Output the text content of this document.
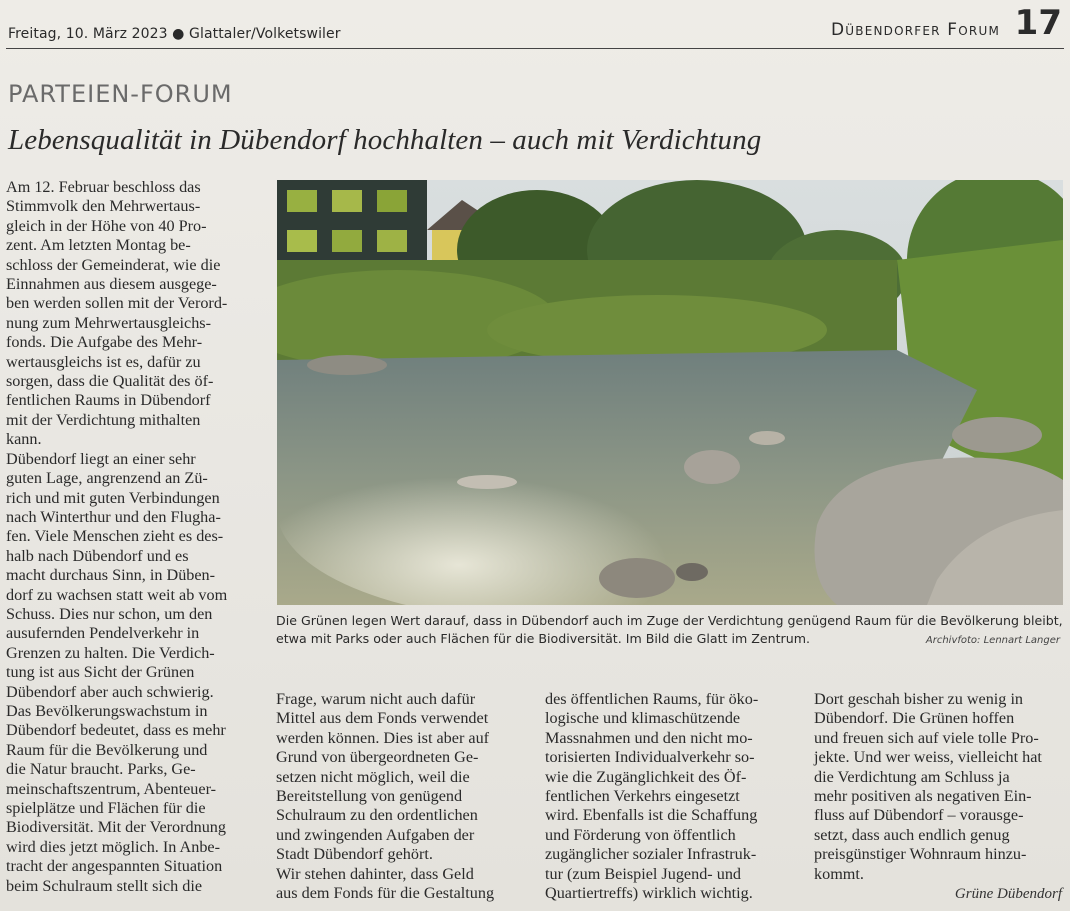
Freitag, 10. März 2023 ● Glattaler/Volketswiler	Dübendorfer Forum 17
PARTEIEN-FORUM
Lebensqualität in Dübendorf hochhalten – auch mit Verdichtung
Am 12. Februar beschloss das
Stimmvolk den Mehrwertaus-
gleich in der Höhe von 40 Pro-
zent. Am letzten Montag be-
schloss der Gemeinderat, wie die
Einnahmen aus diesem ausgege-
ben werden sollen mit der Verord-
nung zum Mehrwertausgleichs-
fonds. Die Aufgabe des Mehr-
wertausgleichs ist es, dafür zu
sorgen, dass die Qualität des öf-
fentlichen Raums in Dübendorf
mit der Verdichtung mithalten
kann.
Dübendorf liegt an einer sehr
guten Lage, angrenzend an Zü-
rich und mit guten Verbindungen
nach Winterthur und den Flugha-
fen. Viele Menschen zieht es des-
halb nach Dübendorf und es
macht durchaus Sinn, in Düben-
dorf zu wachsen statt weit ab vom
Schuss. Dies nur schon, um den
ausufernden Pendelverkehr in
Grenzen zu halten. Die Verdich-
tung ist aus Sicht der Grünen
Dübendorf aber auch schwierig.
Das Bevölkerungswachstum in
Dübendorf bedeutet, dass es mehr
Raum für die Bevölkerung und
die Natur braucht. Parks, Ge-
meinschaftszentrum, Abenteuer-
spielplätze und Flächen für die
Biodiversität. Mit der Verordnung
wird dies jetzt möglich. In Anbe-
tracht der angespannten Situation
beim Schulraum stellt sich die
Die Grünen legen Wert darauf, dass in Dübendorf auch im Zuge der Verdichtung genügend Raum für die Bevölkerung bleibt, etwa mit Parks oder auch Flächen für die Biodiversität. Im Bild die Glatt im Zentrum.	Archivfoto: Lennart Langer
Frage, warum nicht auch dafür
Mittel aus dem Fonds verwendet
werden können. Dies ist aber auf
Grund von übergeordneten Ge-
setzen nicht möglich, weil die
Bereitstellung von genügend
Schulraum zu den ordentlichen
und zwingenden Aufgaben der
Stadt Dübendorf gehört.
Wir stehen dahinter, dass Geld
aus dem Fonds für die Gestaltung
des öffentlichen Raums, für öko-
logische und klimaschützende
Massnahmen und den nicht mo-
torisierten Individualverkehr so-
wie die Zugänglichkeit des Öf-
fentlichen Verkehrs eingesetzt
wird. Ebenfalls ist die Schaffung
und Förderung von öffentlich
zugänglicher sozialer Infrastruk-
tur (zum Beispiel Jugend- und
Quartiertreffs) wirklich wichtig.
Dort geschah bisher zu wenig in
Dübendorf. Die Grünen hoffen
und freuen sich auf viele tolle Pro-
jekte. Und wer weiss, vielleicht hat
die Verdichtung am Schluss ja
mehr positiven als negativen Ein-
fluss auf Dübendorf – vorausge-
setzt, dass auch endlich genug
preisgünstiger Wohnraum hinzu-
kommt.
Grüne Dübendorf
